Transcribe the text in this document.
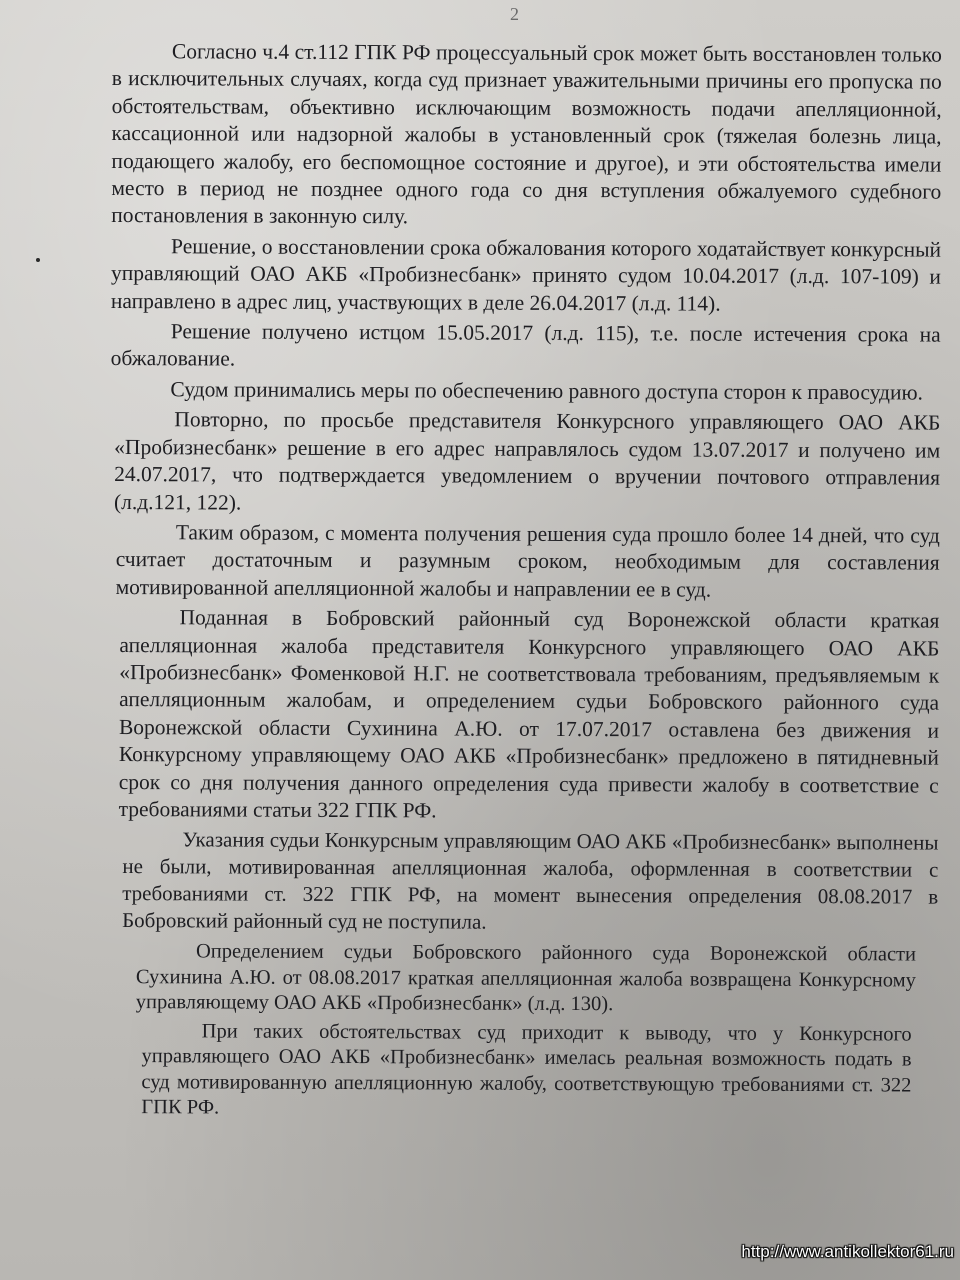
2

Согласно ч.4 ст.112 ГПК РФ процессуальный срок может быть восстановлен только в исключительных случаях, когда суд признает уважительными причины его пропуска по обстоятельствам, объективно исключающим возможность подачи апелляционной, кассационной или надзорной жалобы в установленный срок (тяжелая болезнь лица, подающего жалобу, его беспомощное состояние и другое), и эти обстоятельства имели место в период не позднее одного года со дня вступления обжалуемого судебного постановления в законную силу.

Решение, о восстановлении срока обжалования которого ходатайствует конкурсный управляющий ОАО АКБ «Пробизнесбанк» принято судом 10.04.2017 (л.д. 107-109) и направлено в адрес лиц, участвующих в деле 26.04.2017 (л.д. 114).

Решение получено истцом 15.05.2017 (л.д. 115), т.е. после истечения срока на обжалование.

Судом принимались меры по обеспечению равного доступа сторон к правосудию.

Повторно, по просьбе представителя Конкурсного управляющего ОАО АКБ «Пробизнесбанк» решение в его адрес направлялось судом 13.07.2017 и получено им 24.07.2017, что подтверждается уведомлением о вручении почтового отправления (л.д.121, 122).

Таким образом, с момента получения решения суда прошло более 14 дней, что суд считает достаточным и разумным сроком, необходимым для составления мотивированной апелляционной жалобы и направлении ее в суд.

Поданная в Бобровский районный суд Воронежской области краткая апелляционная жалоба представителя Конкурсного управляющего ОАО АКБ «Пробизнесбанк» Фоменковой Н.Г. не соответствовала требованиям, предъявляемым к апелляционным жалобам, и определением судьи Бобровского районного суда Воронежской области Сухинина А.Ю. от 17.07.2017 оставлена без движения и Конкурсному управляющему ОАО АКБ «Пробизнесбанк» предложено в пятидневный срок со дня получения данного определения суда привести жалобу в соответствие с требованиями статьи 322 ГПК РФ.

Указания судьи Конкурсным управляющим ОАО АКБ «Пробизнесбанк» выполнены не были, мотивированная апелляционная жалоба, оформленная в соответствии с требованиями ст. 322 ГПК РФ, на момент вынесения определения 08.08.2017 в Бобровский районный суд не поступила.

Определением судьи Бобровского районного суда Воронежской области Сухинина А.Ю. от 08.08.2017 краткая апелляционная жалоба возвращена Конкурсному управляющему ОАО АКБ «Пробизнесбанк» (л.д. 130).

При таких обстоятельствах суд приходит к выводу, что у Конкурсного управляющего ОАО АКБ «Пробизнесбанк» имелась реальная возможность подать в суд мотивированную апелляционную жалобу, соответствующую требованиями ст. 322 ГПК РФ.

http://www.antikollektor61.ru
